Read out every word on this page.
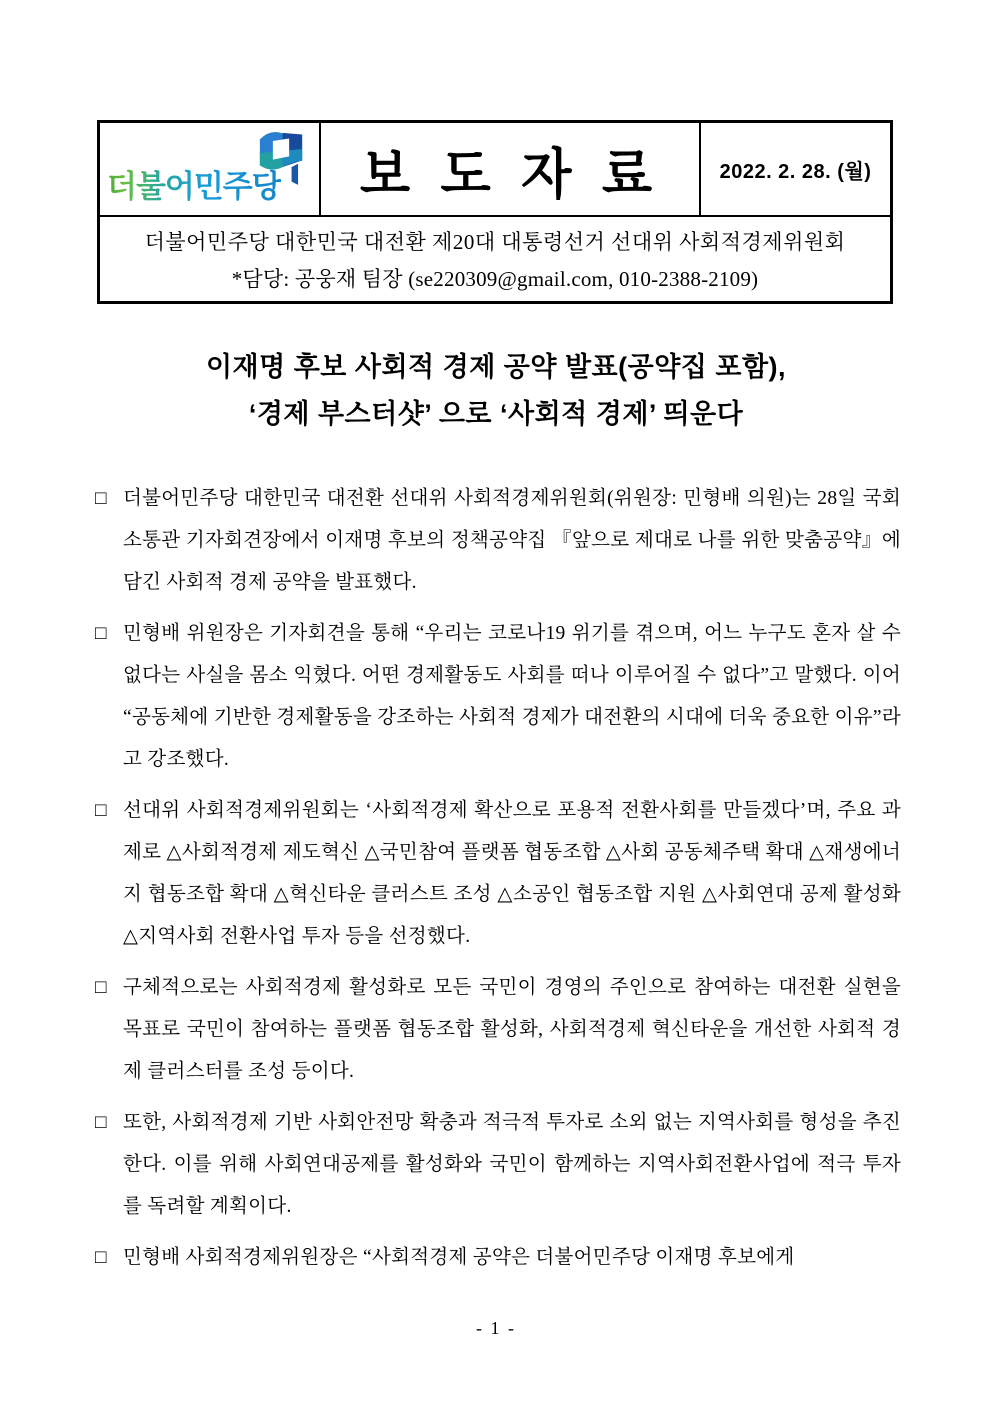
더불어민주당 보 도 자 료	2022. 2. 28. (월)
더불어민주당 대한민국 대전환 제20대 대통령선거 선대위 사회적경제위원회
*담당: 공웅재 팀장 (se220309@gmail.com, 010-2388-2109)
이재명 후보 사회적 경제 공약 발표(공약집 포함),
‘경제 부스터샷’ 으로 ‘사회적 경제’ 띄운다
□ 더불어민주당 대한민국 대전환 선대위 사회적경제위원회(위원장: 민형배 의원)는 28일 국회 소통관 기자회견장에서 이재명 후보의 정책공약집 『앞으로 제대로 나를 위한 맞춤공약』에 담긴 사회적 경제 공약을 발표했다.
□ 민형배 위원장은 기자회견을 통해 “우리는 코로나19 위기를 겪으며, 어느 누구도 혼자 살 수 없다는 사실을 몸소 익혔다. 어떤 경제활동도 사회를 떠나 이루어질 수 없다”고 말했다. 이어 “공동체에 기반한 경제활동을 강조하는 사회적 경제가 대전환의 시대에 더욱 중요한 이유”라고 강조했다.
□ 선대위 사회적경제위원회는 ‘사회적경제 확산으로 포용적 전환사회를 만들겠다’며, 주요 과제로 △사회적경제 제도혁신 △국민참여 플랫폼 협동조합 △사회 공동체주택 확대 △재생에너지 협동조합 확대 △혁신타운 클러스트 조성 △소공인 협동조합 지원 △사회연대 공제 활성화 △지역사회 전환사업 투자 등을 선정했다.
□ 구체적으로는 사회적경제 활성화로 모든 국민이 경영의 주인으로 참여하는 대전환 실현을 목표로 국민이 참여하는 플랫폼 협동조합 활성화, 사회적경제 혁신타운을 개선한 사회적 경제 클러스터를 조성 등이다.
□ 또한, 사회적경제 기반 사회안전망 확충과 적극적 투자로 소외 없는 지역사회를 형성을 추진한다. 이를 위해 사회연대공제를 활성화와 국민이 함께하는 지역사회전환사업에 적극 투자를 독려할 계획이다.
□ 민형배 사회적경제위원장은 “사회적경제 공약은 더불어민주당 이재명 후보에게
- 1 -
